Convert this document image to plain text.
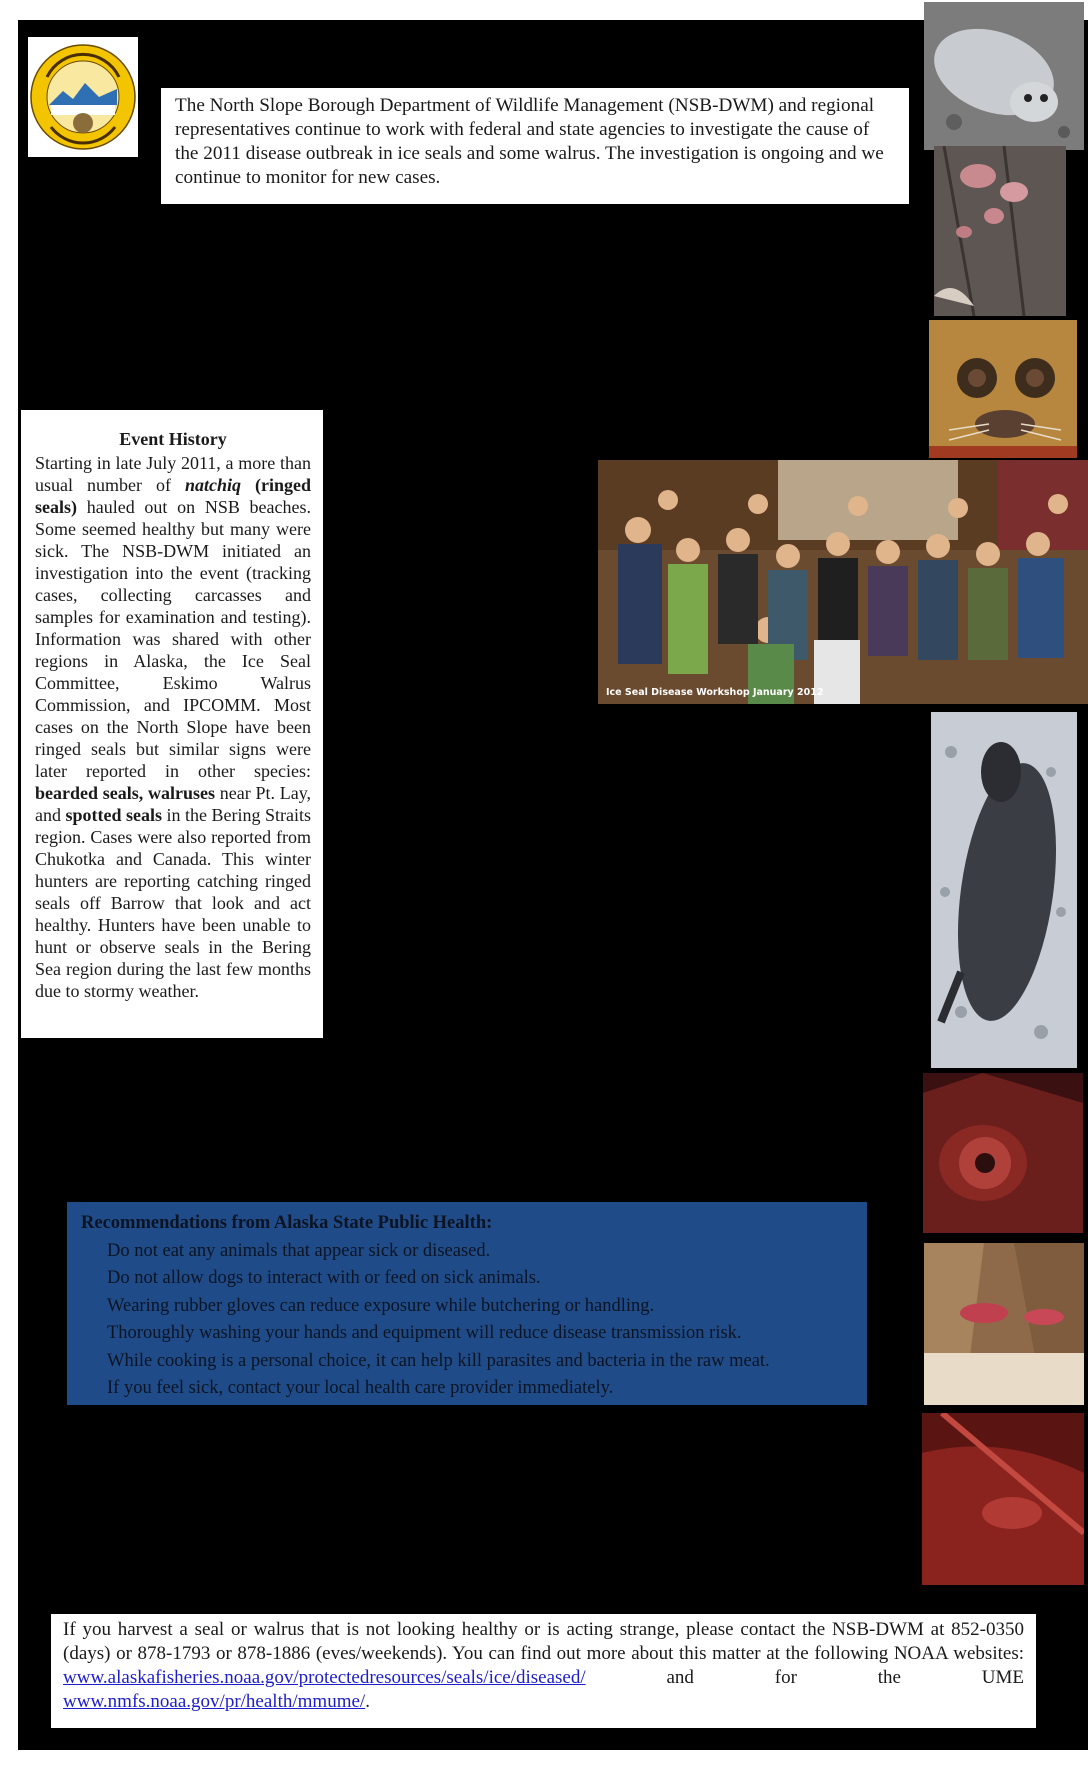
The North Slope Borough Department of Wildlife Management (NSB-DWM) and regional representatives continue to work with federal and state agencies to investigate the cause of the 2011 disease outbreak in ice seals and some walrus. The investigation is ongoing and we continue to monitor for new cases.
Ice Seal Disease Workshop January 2012
Event History
Starting in late July 2011, a more than usual number of natchiq (ringed seals) hauled out on NSB beaches. Some seemed healthy but many were sick. The NSB-DWM initiated an investigation into the event (tracking cases, collecting carcasses and samples for examination and testing). Information was shared with other regions in Alaska, the Ice Seal Committee, Eskimo Walrus Commission, and IPCOMM. Most cases on the North Slope have been ringed seals but similar signs were later reported in other species: bearded seals, walruses near Pt. Lay, and spotted seals in the Bering Straits region. Cases were also reported from Chukotka and Canada. This winter hunters are reporting catching ringed seals off Barrow that look and act healthy. Hunters have been unable to hunt or observe seals in the Bering Sea region during the last few months due to stormy weather.
Recommendations from Alaska State Public Health:
Do not eat any animals that appear sick or diseased.
Do not allow dogs to interact with or feed on sick animals.
Wearing rubber gloves can reduce exposure while butchering or handling.
Thoroughly washing your hands and equipment will reduce disease transmission risk.
While cooking is a personal choice, it can help kill parasites and bacteria in the raw meat.
If you feel sick, contact your local health care provider immediately.
If you harvest a seal or walrus that is not looking healthy or is acting strange, please contact the NSB-DWM at 852-0350 (days) or 878-1793 or 878-1886 (eves/weekends). You can find out more about this matter at the following NOAA websites: www.alaskafisheries.noaa.gov/protectedresources/seals/ice/diseased/	and for the UME www.nmfs.noaa.gov/pr/health/mmume/.
